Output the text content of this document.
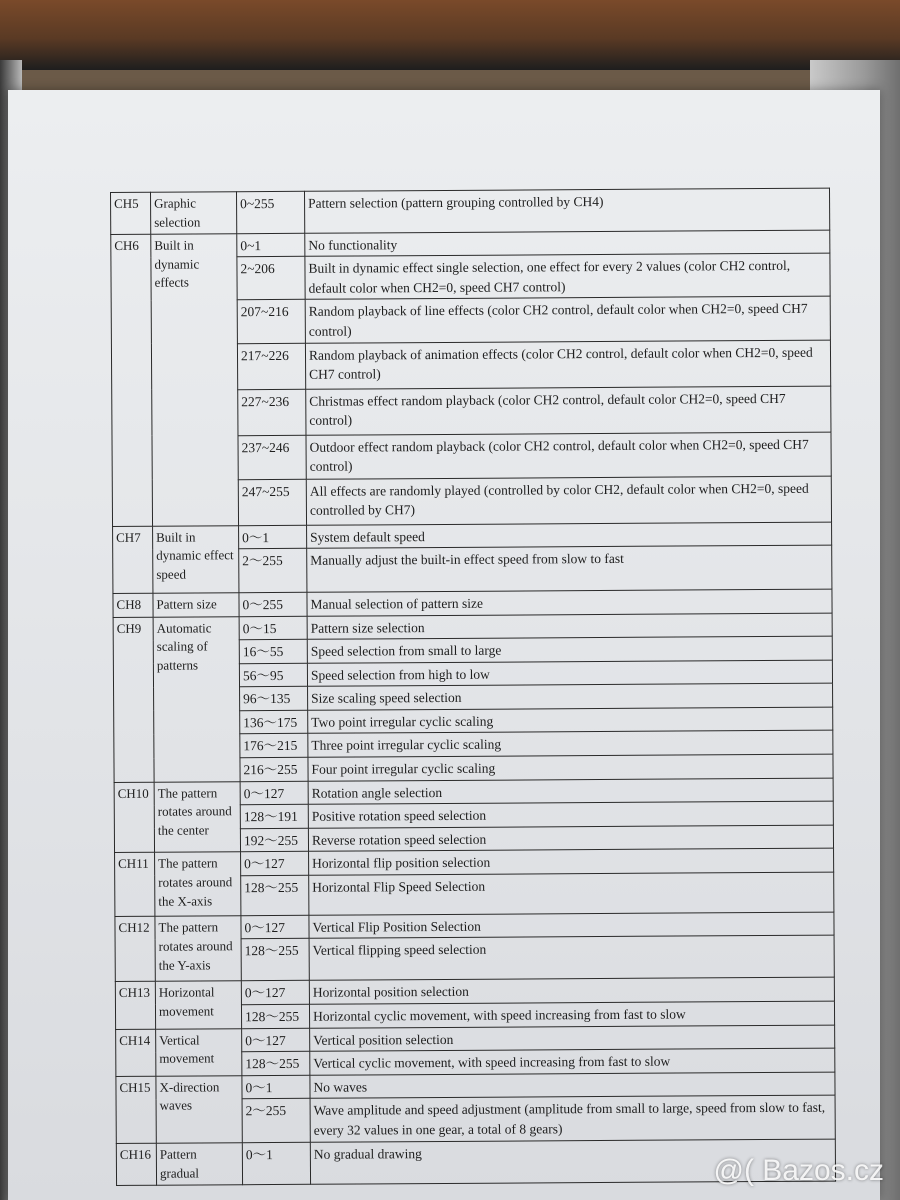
CH5	Graphic selection	0~255	Pattern selection (pattern grouping controlled by CH4)
CH6	Built in dynamic effects	0~1	No functionality
		2~206	Built in dynamic effect single selection, one effect for every 2 values (color CH2 control, default color when CH2=0, speed CH7 control)
		207~216	Random playback of line effects (color CH2 control, default color when CH2=0, speed CH7 control)
		217~226	Random playback of animation effects (color CH2 control, default color when CH2=0, speed CH7 control)
		227~236	Christmas effect random playback (color CH2 control, default color CH2=0, speed CH7 control)
		237~246	Outdoor effect random playback (color CH2 control, default color when CH2=0, speed CH7 control)
		247~255	All effects are randomly played (controlled by color CH2, default color when CH2=0, speed controlled by CH7)
CH7	Built in dynamic effect speed	0～1	System default speed
		2～255	Manually adjust the built-in effect speed from slow to fast
CH8	Pattern size	0～255	Manual selection of pattern size
CH9	Automatic scaling of patterns	0～15	Pattern size selection
		16～55	Speed selection from small to large
		56～95	Speed selection from high to low
		96～135	Size scaling speed selection
		136～175	Two point irregular cyclic scaling
		176～215	Three point irregular cyclic scaling
		216～255	Four point irregular cyclic scaling
CH10	The pattern rotates around the center	0～127	Rotation angle selection
		128～191	Positive rotation speed selection
		192～255	Reverse rotation speed selection
CH11	The pattern rotates around the X-axis	0～127	Horizontal flip position selection
		128～255	Horizontal Flip Speed Selection
CH12	The pattern rotates around the Y-axis	0～127	Vertical Flip Position Selection
		128～255	Vertical flipping speed selection
CH13	Horizontal movement	0～127	Horizontal position selection
		128～255	Horizontal cyclic movement, with speed increasing from fast to slow
CH14	Vertical movement	0～127	Vertical position selection
		128～255	Vertical cyclic movement, with speed increasing from fast to slow
CH15	X-direction waves	0～1	No waves
		2～255	Wave amplitude and speed adjustment (amplitude from small to large, speed from slow to fast, every 32 values in one gear, a total of 8 gears)
CH16	Pattern gradual	0～1	No gradual drawing	@( Bazos.cz
